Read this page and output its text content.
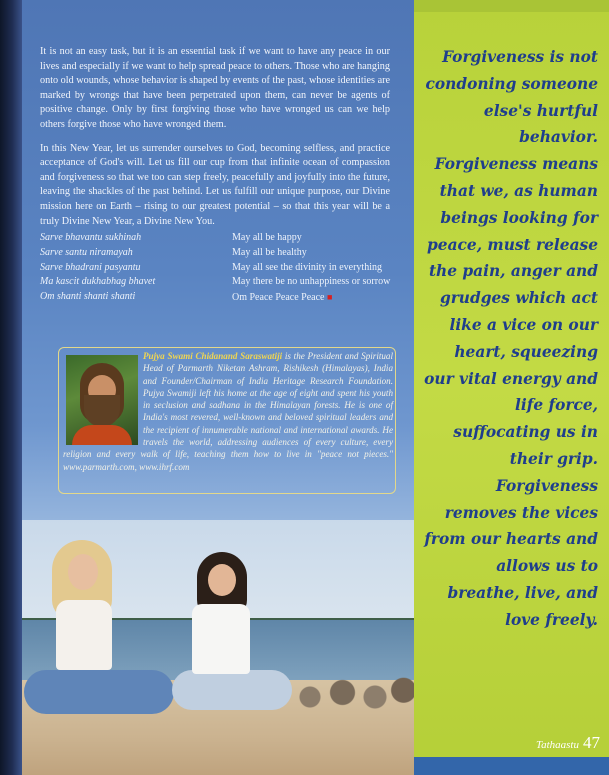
It is not an easy task, but it is an essential task if we want to have any peace in our lives and especially if we want to help spread peace to others. Those who are hanging onto old wounds, whose behavior is shaped by events of the past, whose identities are marked by wrongs that have been perpetrated upon them, can never be agents of positive change. Only by first forgiving those who have wronged us can we help others forgive those who have wronged them.

In this New Year, let us surrender ourselves to God, becoming selfless, and practice acceptance of God's will. Let us fill our cup from that infinite ocean of compassion and forgiveness so that we too can step freely, peacefully and joyfully into the future, leaving the shackles of the past behind. Let us fulfill our unique purpose, our Divine mission here on Earth – rising to our greatest potential – so that this year will be a truly Divine New Year, a Divine New You.

Sarve bhavantu sukhinah	May all be happy
Sarve santu niramayah	May all be healthy
Sarve bhadrani pasyantu	May all see the divinity in everything
Ma kascit dukhabhag bhavet	May there be no unhappiness or sorrow
Om shanti shanti shanti	Om Peace Peace Peace ■
Pujya Swami Chidanand Saraswatiji is the President and Spiritual Head of Parmarth Niketan Ashram, Rishikesh (Himalayas), India and Founder/Chairman of India Heritage Research Foundation. Pujya Swamiji left his home at the age of eight and spent his youth in seclusion and sadhana in the Himalayan forests. He is one of India's most revered, well-known and beloved spiritual leaders and the recipient of innumerable national and international awards. He travels the world, addressing audiences of every culture, every religion and every walk of life, teaching them how to live in "peace not pieces." www.parmarth.com, www.ihrf.com
Forgiveness is not condoning someone else's hurtful behavior. Forgiveness means that we, as human beings looking for peace, must release the pain, anger and grudges which act like a vice on our heart, squeezing our vital energy and life force, suffocating us in their grip. Forgiveness removes the vices from our hearts and allows us to breathe, live, and love freely.
Tathaastu 47
